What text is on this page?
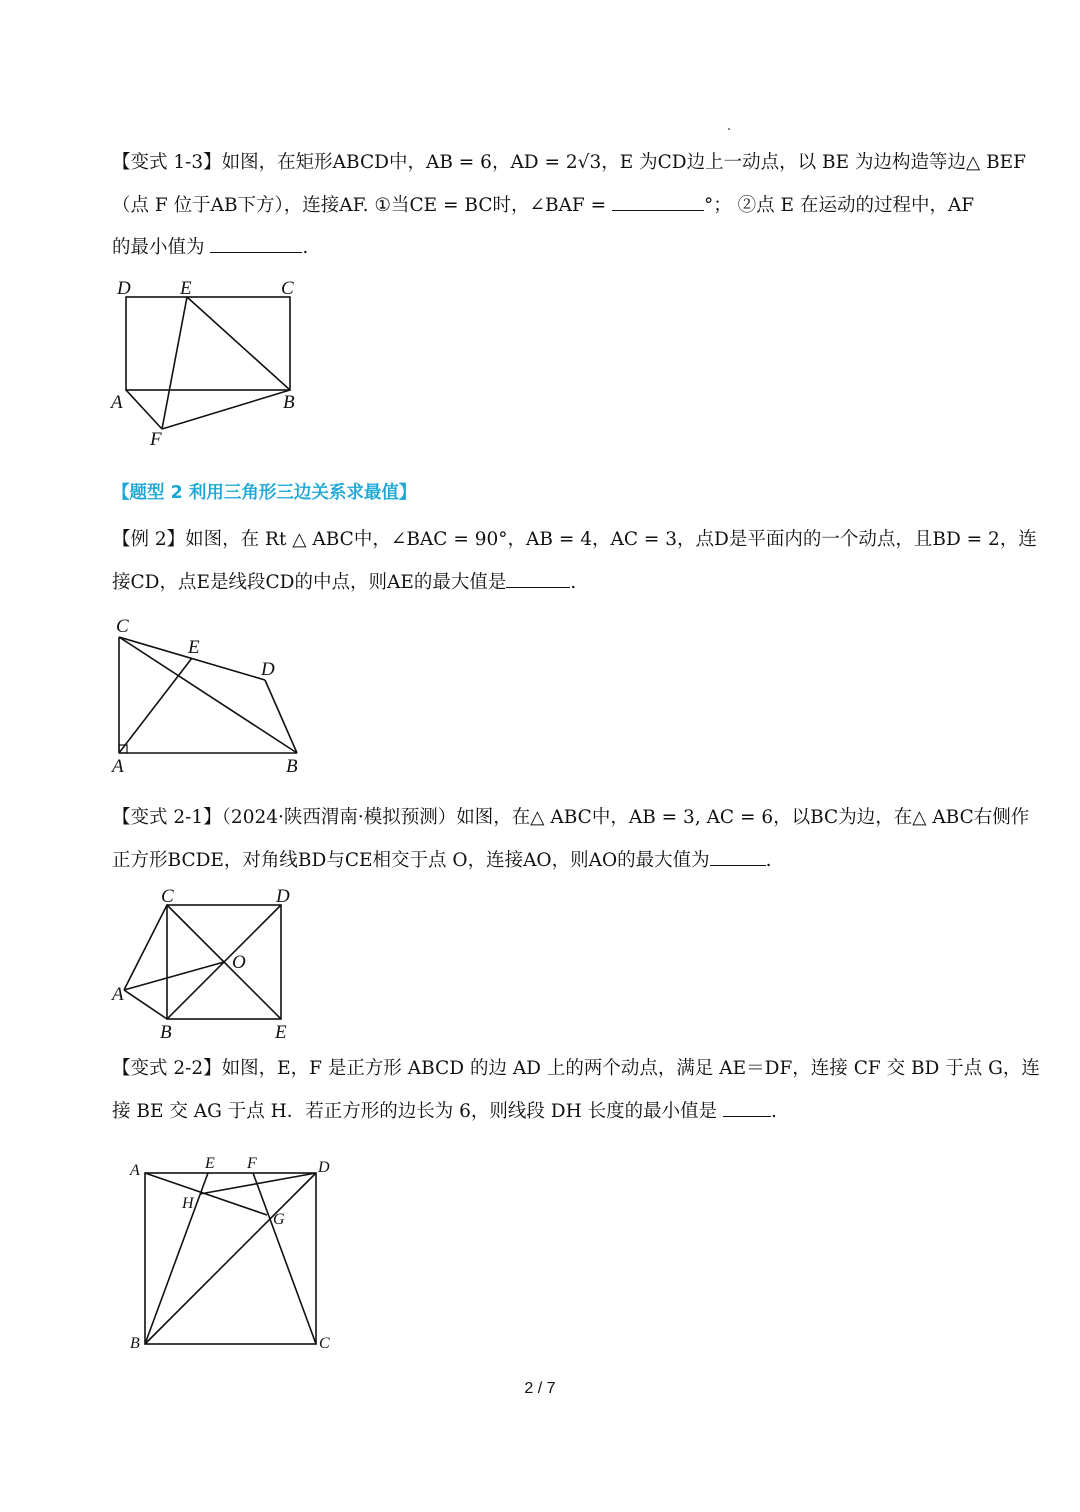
【变式 1-3】如图，在矩形ABCD中，AB = 6，AD = 2√3，E 为CD边上一动点，以 BE 为边构造等边△ BEF
（点 F 位于AB下方），连接AF. ①当CE = BC时，∠BAF =	°； ②点 E 在运动的过程中，AF
的最小值为	.
D	E	C
A	B
F
【题型 2 利用三角形三边关系求最值】
【例 2】如图，在 Rt △ ABC中，∠BAC = 90°，AB = 4，AC = 3，点D是平面内的一个动点，且BD = 2，连
接CD，点E是线段CD的中点，则AE的最大值是	.
C
E
D
A	B
【变式 2-1】（2024·陕西渭南·模拟预测）如图，在△ ABC中，AB = 3, AC = 6，以BC为边，在△ ABC右侧作
正方形BCDE，对角线BD与CE相交于点 O，连接AO，则AO的最大值为	.
C	D
O
A
B	E
【变式 2-2】如图，E，F 是正方形 ABCD 的边 AD 上的两个动点，满足 AE＝DF，连接 CF 交 BD 于点 G，连
接 BE 交 AG 于点 H．若正方形的边长为 6，则线段 DH 长度的最小值是	.
A	E F	D
H
G
B	C
2 / 7
